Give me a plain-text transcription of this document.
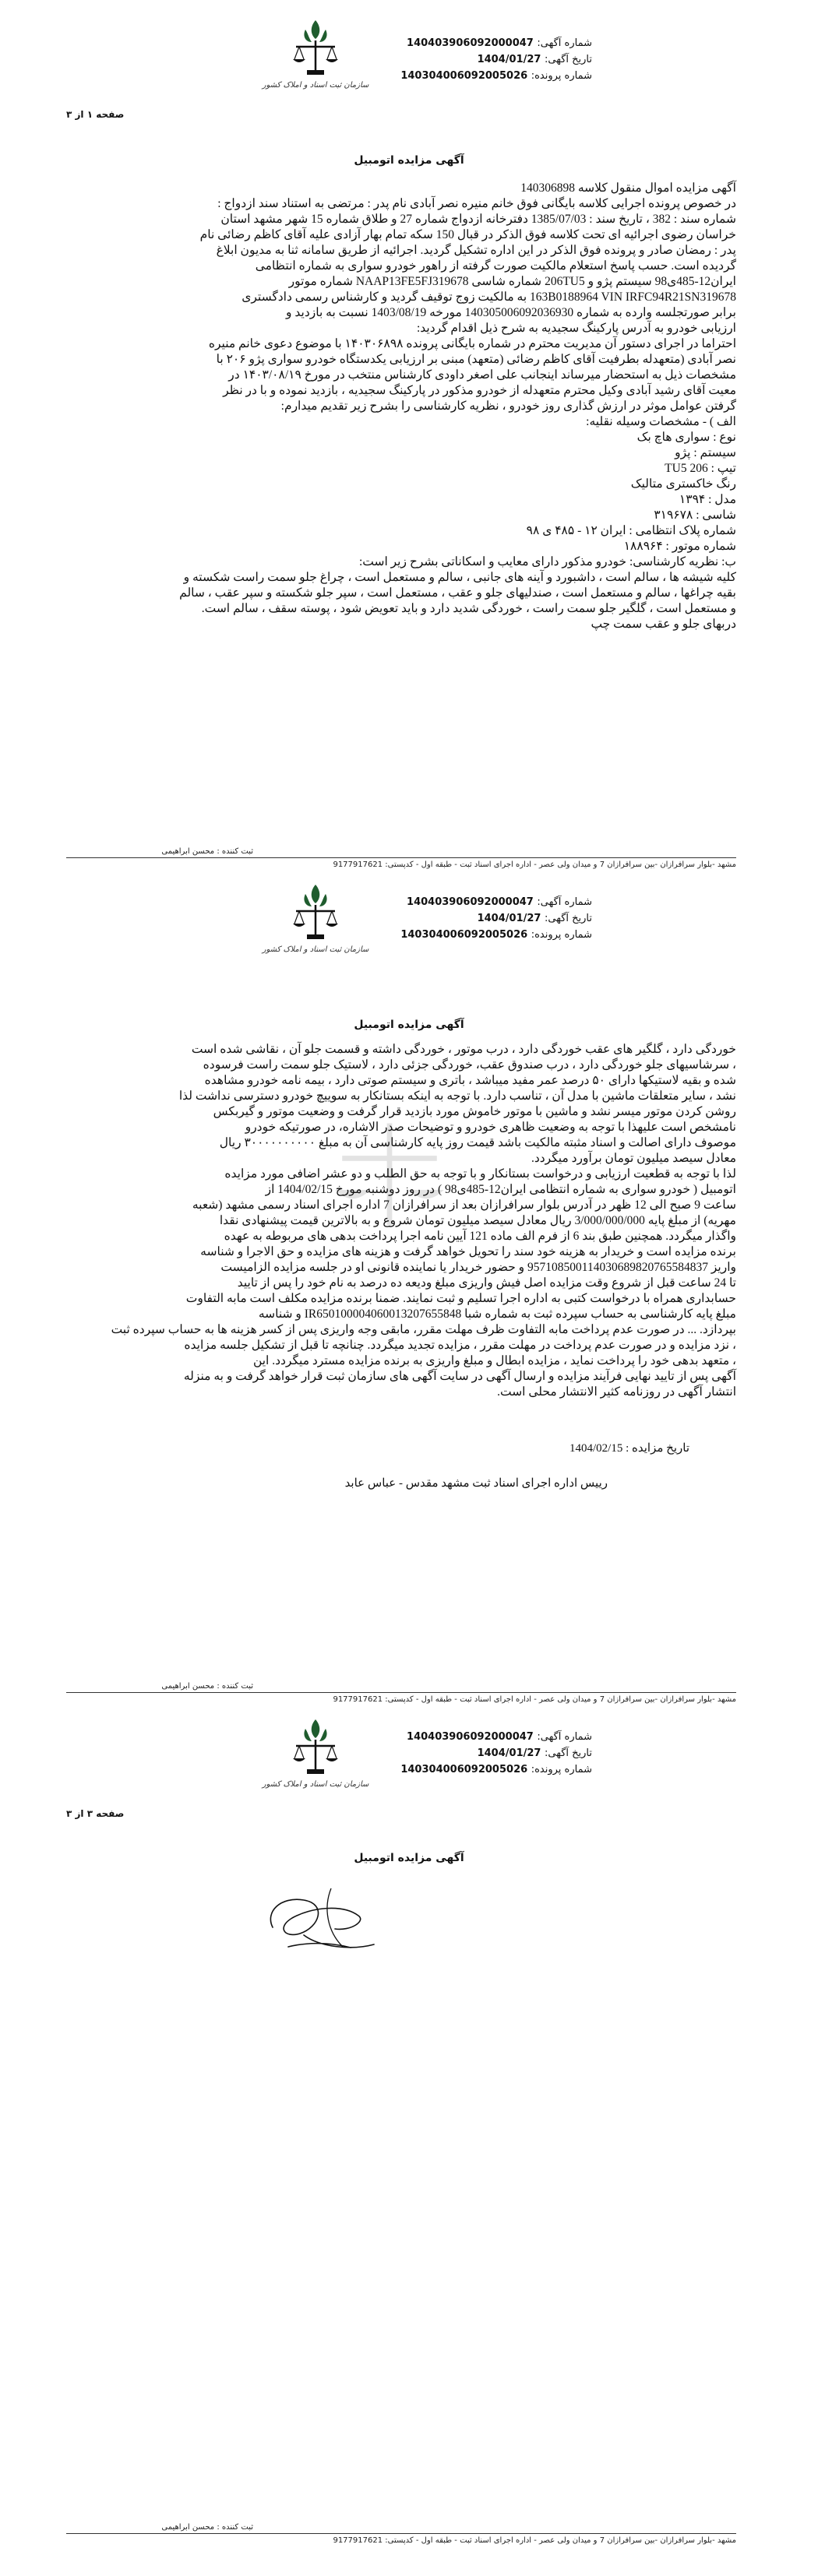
شماره آگهی: 140403906092000047
تاریخ آگهی: 1404/01/27
شماره پرونده: 140304006092005026
سازمان ثبت اسناد و املاک کشور
صفحه ۱ از ۳
آگهی مزایده اتومبیل

آگهی مزایده اموال منقول کلاسه 140306898

در خصوص پرونده اجرایی کلاسه بایگانی فوق خانم منیره نصر آبادی نام پدر : مرتضی به استناد سند ازدواج :

شماره سند : 382 ، تاریخ سند : 1385/07/03 دفترخانه ازدواج شماره 27 و طلاق شماره 15 شهر مشهد استان

خراسان رضوی اجرائیه ای تحت کلاسه فوق الذکر در قبال 150 سکه تمام بهار آزادی علیه آقای کاظم رضائی نام

پدر : رمضان صادر و پرونده فوق الذکر در این اداره تشکیل گردید. اجرائیه از طریق سامانه ثنا به مدیون ابلاغ

گردیده است. حسب پاسخ استعلام مالکیت صورت گرفته از راهور خودرو سواری به شماره انتظامی

ایران12-485ی98 سیستم پژو و 206TU5 شماره شاسی NAAP13FE5FJ319678 شماره موتور

163B0188964 VIN IRFC94R21SN319678 به مالکیت زوج توقیف گردید و کارشناس رسمی دادگستری

برابر صورتجلسه وارده به شماره 140305006092036930 مورخه 1403/08/19 نسبت به بازدید و

ارزیابی خودرو به آدرس پارکینگ سجیدیه به شرح ذیل اقدام گردید:

احتراما در اجرای دستور آن مدیریت محترم در شماره بایگانی پرونده ۱۴۰۳۰۶۸۹۸ با موضوع دعوی خانم منیره

نصر آبادی (متعهدله بطرفیت آقای کاظم رضائی (متعهد) مبنی بر ارزیابی یکدستگاه خودرو سواری پژو ۲۰۶ با

مشخصات ذیل به استحضار میرساند اینجانب علی اصغر داودی کارشناس منتخب در مورخ ۱۴۰۳/۰۸/۱۹ در

معیت آقای رشید آبادی وکیل محترم متعهدله از خودرو مذکور در پارکینگ سجیدیه ، بازدید نموده و با در نظر

گرفتن عوامل موثر در ارزش گذاری روز خودرو ، نظریه کارشناسی را بشرح زیر تقدیم میدارم:

الف ) - مشخصات وسیله نقلیه:

نوع : سواری هاچ بک

سیستم : پژو

تیپ : 206 TU5

رنگ خاکستری متالیک

مدل : ۱۳۹۴

شاسی : ۳۱۹۶۷۸

شماره پلاک انتظامی : ایران ۱۲ - ۴۸۵ ی ۹۸

شماره موتور : ۱۸۸۹۶۴

ب: نظریه کارشناسی: خودرو مذکور دارای معایب و اسکاناتی بشرح زیر است:

کلیه شیشه ها ، سالم است ، داشبورد و آینه های جانبی ، سالم و مستعمل است ، چراغ جلو سمت راست شکسته و

بقیه چراغها ، سالم و مستعمل است ، صندلیهای جلو و عقب ، مستعمل است ، سپر جلو شکسته و سپر عقب ، سالم

و مستعمل است ، گلگیر جلو سمت راست ، خوردگی شدید دارد و باید تعویض شود ، پوسته سقف ، سالم است.

دربهای جلو و عقب سمت چپ

ثبت کننده : محسن ابراهیمی
مشهد -بلوار سرافرازان -بین سرافرازان 7 و میدان ولی عصر - اداره اجرای اسناد ثبت - طبقه اول - کدپستی: 9177917621
شماره آگهی: 140403906092000047
تاریخ آگهی: 1404/01/27
شماره پرونده: 140304006092005026
سازمان ثبت اسناد و املاک کشور
آگهی مزایده اتومبیل

خوردگی دارد ، گلگیر های عقب خوردگی دارد ، درب موتور ، خوردگی داشته و قسمت جلو آن ، نقاشی شده است

، سرشاسیهای جلو خوردگی دارد ، درب صندوق عقب، خوردگی جزئی دارد ، لاستیک جلو سمت راست فرسوده

شده و بقیه لاستیکها دارای ۵۰ درصد عمر مفید میباشد ، باتری و سیستم صوتی دارد ، بیمه نامه خودرو مشاهده

نشد ، سایر متعلقات ماشین با مدل آن ، تناسب دارد. با توجه به اینکه بستانکار به سوییچ خودرو دسترسی نداشت لذا

روشن کردن موتور میسر نشد و ماشین با موتور خاموش مورد بازدید قرار گرفت و وضعیت موتور و گیربکس

نامشخص است علیهذا با توجه به وضعیت ظاهری خودرو و توضیحات صدر الاشاره، در صورتیکه خودرو

موصوف دارای اصالت و اسناد مثبته مالکیت باشد قیمت روز پایه کارشناسی آن به مبلغ ۳۰۰۰۰۰۰۰۰۰۰ ریال

معادل سیصد میلیون تومان برآورد میگردد.

لذا با توجه به قطعیت ارزیابی و درخواست بستانکار و با توجه به حق الطلب و دو عشر اضافی مورد مزایده

اتومبیل ( خودرو سواری به شماره انتظامی ایران12-485ی98 ) در روز دوشنبه مورخ 1404/02/15 از

ساعت 9 صبح الی 12 ظهر در آدرس بلوار سرافرازان بعد از سرافرازان 7 اداره اجرای اسناد رسمی مشهد (شعبه

مهریه) از مبلغ پایه 3/000/000/000 ریال معادل سیصد میلیون تومان شروع و به بالاترین قیمت پیشنهادی نقدا

واگذار میگردد. همچنین طبق بند 6 از فرم الف ماده 121 آیین نامه اجرا پرداخت بدهی های مربوطه به عهده

برنده مزایده است و خریدار به هزینه خود سند را تحویل خواهد گرفت و هزینه های مزایده و حق الاجرا و شناسه

واریز 957108500114030689820765584837 و حضور خریدار یا نماینده قانونی او در جلسه مزایده الزامیست

تا 24 ساعت قبل از شروع وقت مزایده اصل فیش واریزی مبلغ ودیعه ده درصد به نام خود را پس از تایید

حسابداری همراه با درخواست کتبی به اداره اجرا تسلیم و ثبت نمایند. ضمنا برنده مزایده مکلف است مابه التفاوت

مبلغ پایه کارشناسی به حساب سپرده ثبت به شماره شبا IR650100004060013207655848 و شناسه

بپردازد. ... در صورت عدم پرداخت مابه التفاوت ظرف مهلت مقرر، مابقی وجه واریزی پس از کسر هزینه ها به حساب سپرده ثبت

، نزد مزایده و در صورت عدم پرداخت در مهلت مقرر ، مزایده تجدید میگردد. چنانچه تا قبل از تشکیل جلسه مزایده

، متعهد بدهی خود را پرداخت نماید ، مزایده ابطال و مبلغ واریزی به برنده مزایده مسترد میگردد. این

آگهی پس از تایید نهایی فرآیند مزایده و ارسال آگهی در سایت آگهی های سازمان ثبت قرار خواهد گرفت و به منزله

انتشار آگهی در روزنامه کثیر الانتشار محلی است.

تاریخ مزایده : 1404/02/15
رییس اداره اجرای اسناد ثبت مشهد مقدس - عباس عابد
ثبت کننده : محسن ابراهیمی
مشهد -بلوار سرافرازان -بین سرافرازان 7 و میدان ولی عصر - اداره اجرای اسناد ثبت - طبقه اول - کدپستی: 9177917621
شماره آگهی: 140403906092000047
تاریخ آگهی: 1404/01/27
شماره پرونده: 140304006092005026
سازمان ثبت اسناد و املاک کشور
صفحه ۳ از ۳
آگهی مزایده اتومبیل
ثبت کننده : محسن ابراهیمی
مشهد -بلوار سرافرازان -بین سرافرازان 7 و میدان ولی عصر - اداره اجرای اسناد ثبت - طبقه اول - کدپستی: 9177917621
